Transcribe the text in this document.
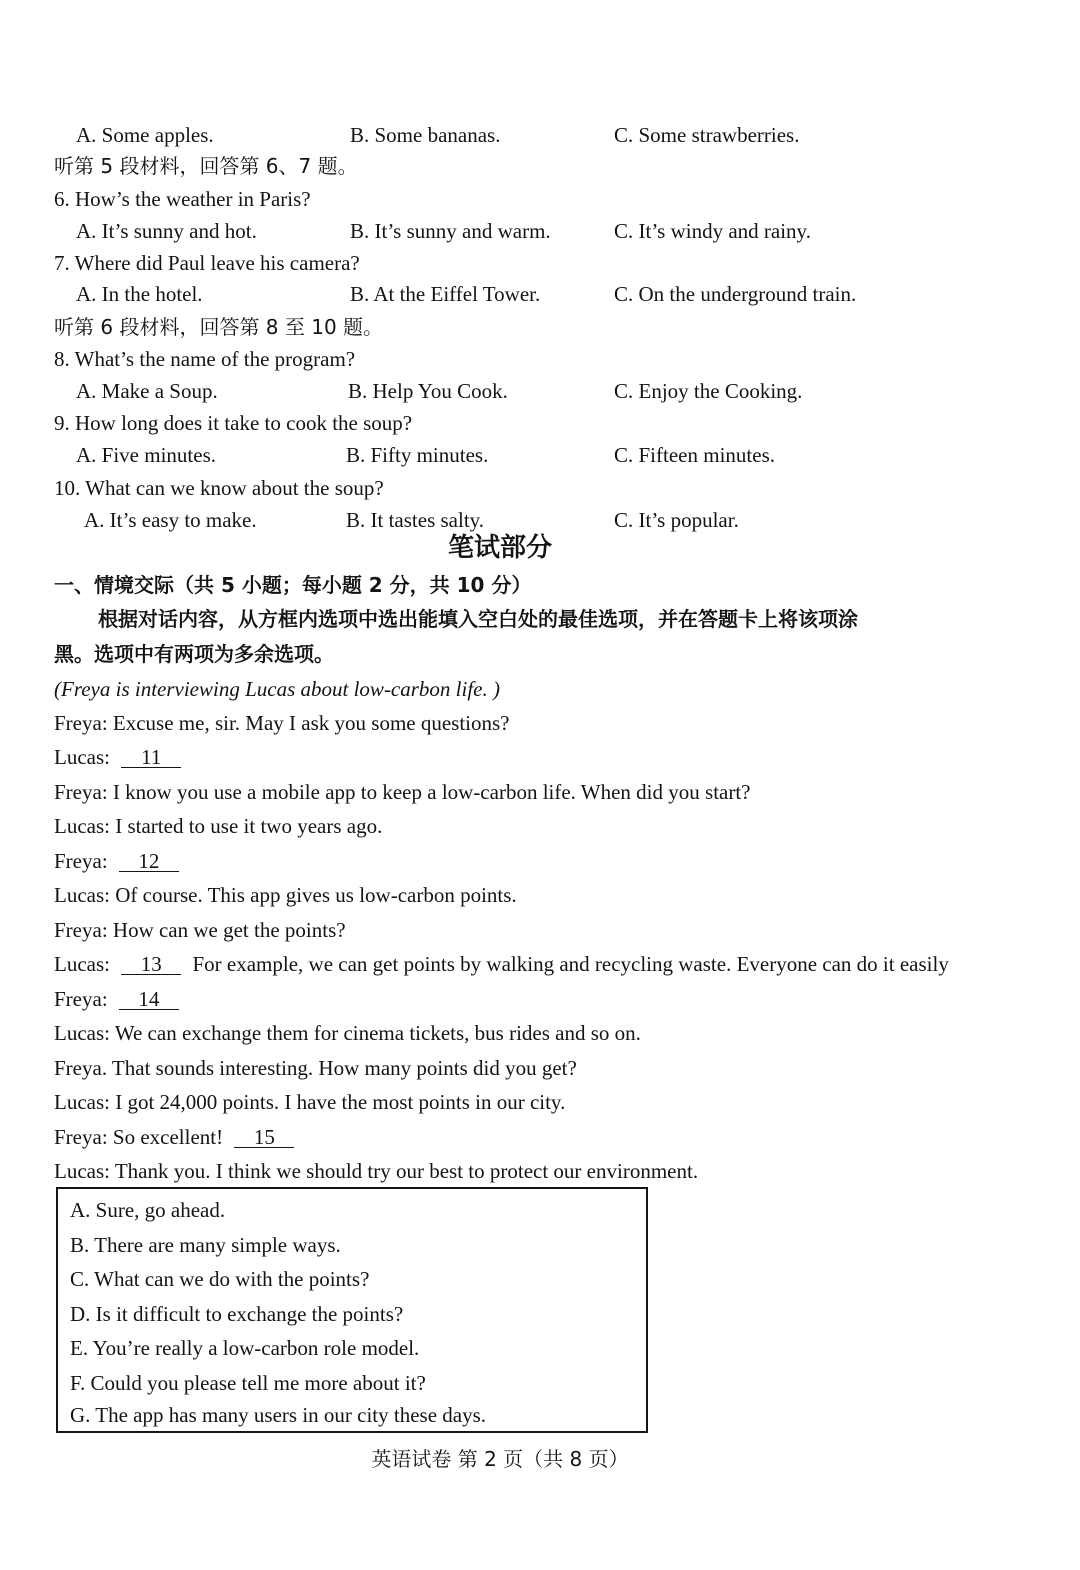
A. Some apples.	B. Some bananas.	C. Some strawberries.
听第 5 段材料，回答第 6、7 题。
6. How’s the weather in Paris?
A. It’s sunny and hot.	B. It’s sunny and warm.	C. It’s windy and rainy.
7. Where did Paul leave his camera?
A. In the hotel.	B. At the Eiffel Tower.	C. On the underground train.
听第 6 段材料，回答第 8 至 10 题。
8. What’s the name of the program?
A. Make a Soup.	B. Help You Cook.	C. Enjoy the Cooking.
9. How long does it take to cook the soup?
A. Five minutes.	B. Fifty minutes.	C. Fifteen minutes.
10. What can we know about the soup?
A. It’s easy to make.	B. It tastes salty.	C. It’s popular.
笔试部分
一、情境交际（共 5 小题；每小题 2 分，共 10 分）
根据对话内容，从方框内选项中选出能填入空白处的最佳选项，并在答题卡上将该项涂
黑。选项中有两项为多余选项。
(Freya is interviewing Lucas about low-carbon life. )
Freya: Excuse me, sir. May I ask you some questions?
Lucas: 11
Freya: I know you use a mobile app to keep a low-carbon life. When did you start?
Lucas: I started to use it two years ago.
Freya: 12
Lucas: Of course. This app gives us low-carbon points.
Freya: How can we get the points?
Lucas: 13 For example, we can get points by walking and recycling waste. Everyone can do it easily
Freya: 14
Lucas: We can exchange them for cinema tickets, bus rides and so on.
Freya. That sounds interesting. How many points did you get?
Lucas: I got 24,000 points. I have the most points in our city.
Freya: So excellent! 15
Lucas: Thank you. I think we should try our best to protect our environment.
A. Sure, go ahead.
B. There are many simple ways.
C. What can we do with the points?
D. Is it difficult to exchange the points?
E. You’re really a low-carbon role model.
F. Could you please tell me more about it?
G. The app has many users in our city these days.
英语试卷 第 2 页（共 8 页）
